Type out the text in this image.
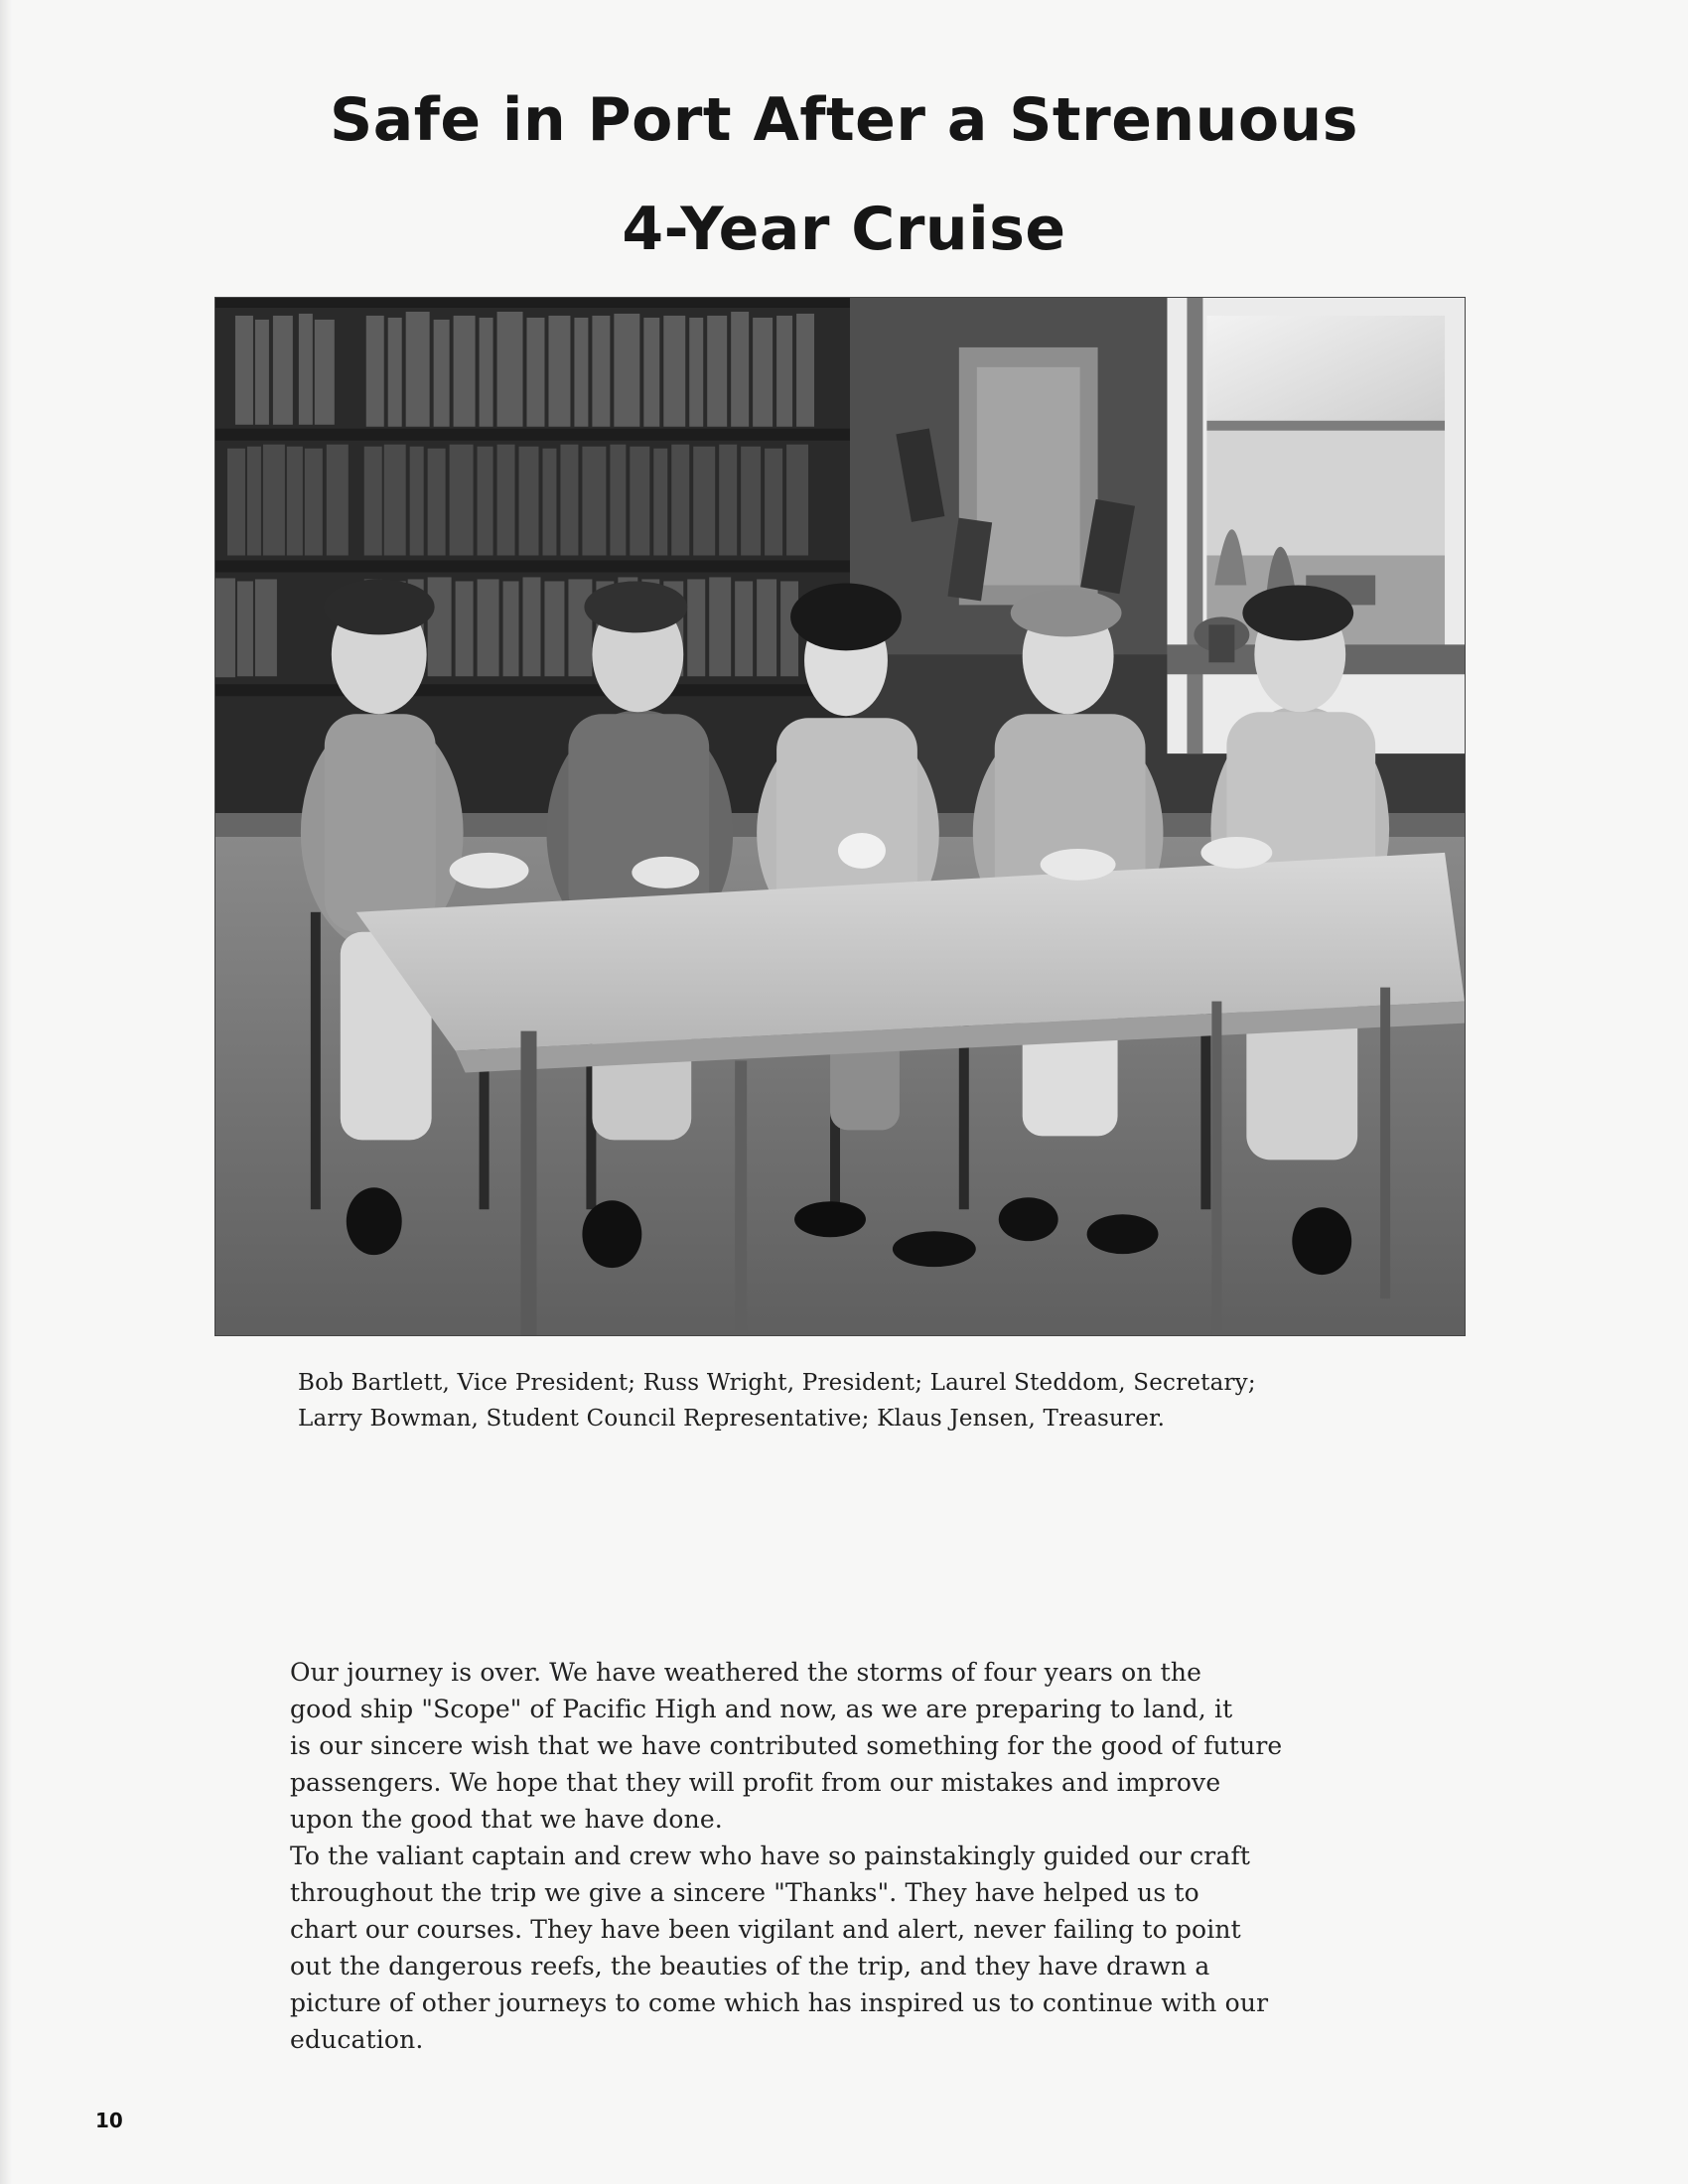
Safe in Port After a Strenuous
4-Year Cruise
Bob Bartlett, Vice President; Russ Wright, President; Laurel Steddom, Secretary;
Larry Bowman, Student Council Representative; Klaus Jensen, Treasurer.
Our journey is over. We have weathered the storms of four years on the
good ship "Scope" of Pacific High and now, as we are preparing to land, it
is our sincere wish that we have contributed something for the good of future
passengers. We hope that they will profit from our mistakes and improve
upon the good that we have done.
To the valiant captain and crew who have so painstakingly guided our craft
throughout the trip we give a sincere "Thanks". They have helped us to
chart our courses. They have been vigilant and alert, never failing to point
out the dangerous reefs, the beauties of the trip, and they have drawn a
picture of other journeys to come which has inspired us to continue with our
education.
10
